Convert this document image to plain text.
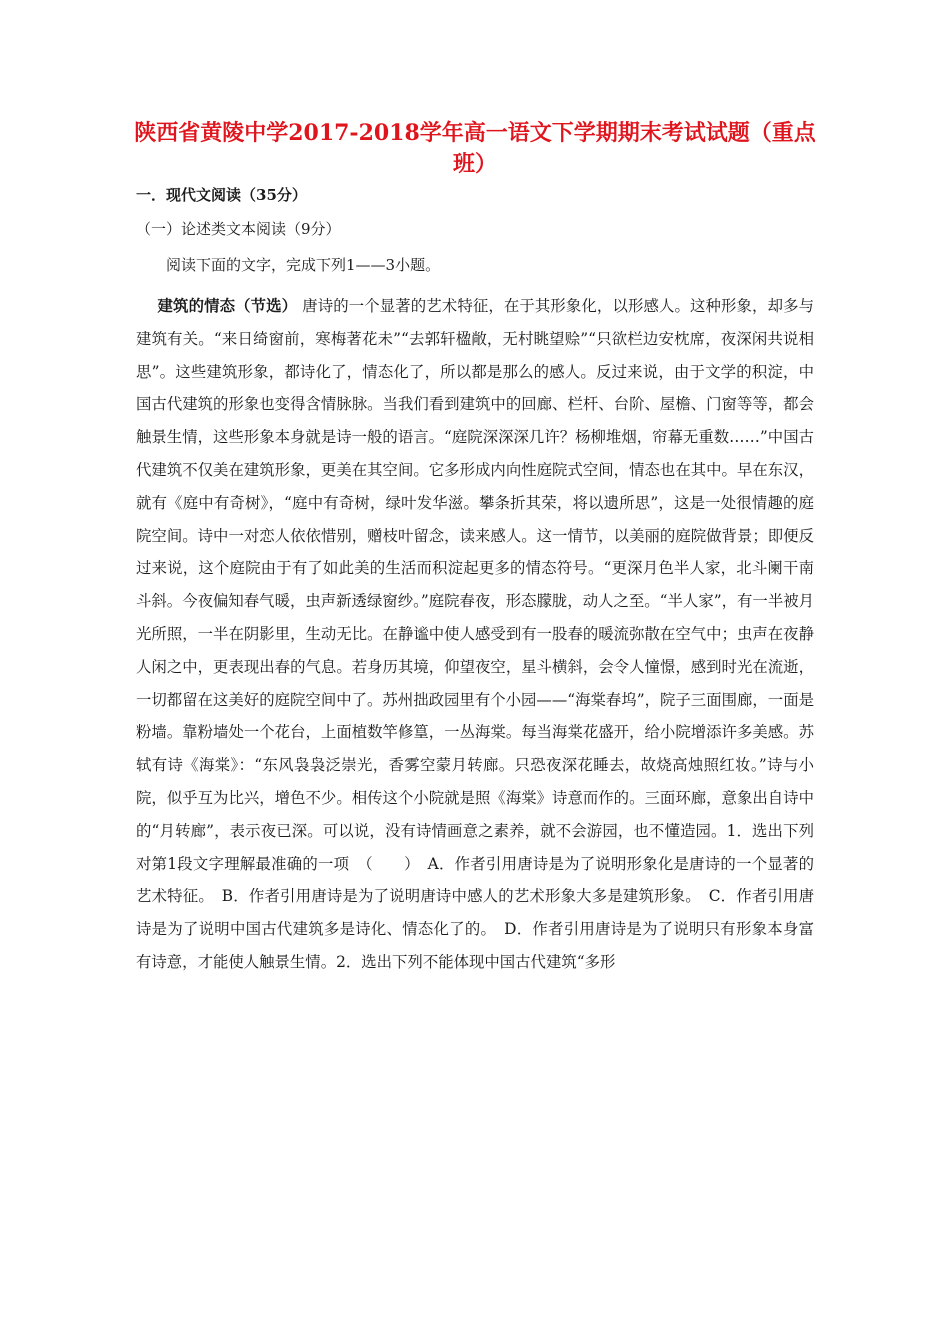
陕西省黄陵中学2017-2018学年高一语文下学期期末考试试题（重点班）
一．现代文阅读（35分）
（一）论述类文本阅读（9分）
阅读下面的文字，完成下列1——3小题。

建筑的情态（节选） 唐诗的一个显著的艺术特征，在于其形象化，以形感人。这种形象，却多与建筑有关。“来日绮窗前，寒梅著花未”“去郭轩楹敞，无村眺望赊”“只欲栏边安枕席，夜深闲共说相思”。这些建筑形象，都诗化了，情态化了，所以都是那么的感人。反过来说，由于文学的积淀，中国古代建筑的形象也变得含情脉脉。当我们看到建筑中的回廊、栏杆、台阶、屋檐、门窗等等，都会触景生情，这些形象本身就是诗一般的语言。“庭院深深深几许？杨柳堆烟，帘幕无重数……”中国古代建筑不仅美在建筑形象，更美在其空间。它多形成内向性庭院式空间，情态也在其中。早在东汉，就有《庭中有奇树》，“庭中有奇树，绿叶发华滋。攀条折其荣，将以遗所思”，这是一处很情趣的庭院空间。诗中一对恋人依依惜别，赠枝叶留念，读来感人。这一情节，以美丽的庭院做背景；即便反过来说，这个庭院由于有了如此美的生活而积淀起更多的情态符号。“更深月色半人家，北斗阑干南斗斜。今夜偏知春气暖，虫声新透绿窗纱。”庭院春夜，形态朦胧，动人之至。“半人家”，有一半被月光所照，一半在阴影里，生动无比。在静谧中使人感受到有一股春的暖流弥散在空气中；虫声在夜静人闲之中，更表现出春的气息。若身历其境，仰望夜空，星斗横斜，会令人憧憬，感到时光在流逝，一切都留在这美好的庭院空间中了。苏州拙政园里有个小园——“海棠春坞”，院子三面围廊，一面是粉墙。靠粉墙处一个花台，上面植数竿修篁，一丛海棠。每当海棠花盛开，给小院增添许多美感。苏轼有诗《海棠》：“东风袅袅泛崇光，香雾空蒙月转廊。只恐夜深花睡去，故烧高烛照红妆。”诗与小院，似乎互为比兴，增色不少。相传这个小院就是照《海棠》诗意而作的。三面环廊，意象出自诗中的“月转廊”，表示夜已深。可以说，没有诗情画意之素养，就不会游园，也不懂造园。1．选出下列对第1段文字理解最准确的一项　（　　）　A．作者引用唐诗是为了说明形象化是唐诗的一个显著的艺术特征。　B．作者引用唐诗是为了说明唐诗中感人的艺术形象大多是建筑形象。　C．作者引用唐诗是为了说明中国古代建筑多是诗化、情态化了的。　D．作者引用唐诗是为了说明只有形象本身富有诗意，才能使人触景生情。2．选出下列不能体现中国古代建筑“多形
